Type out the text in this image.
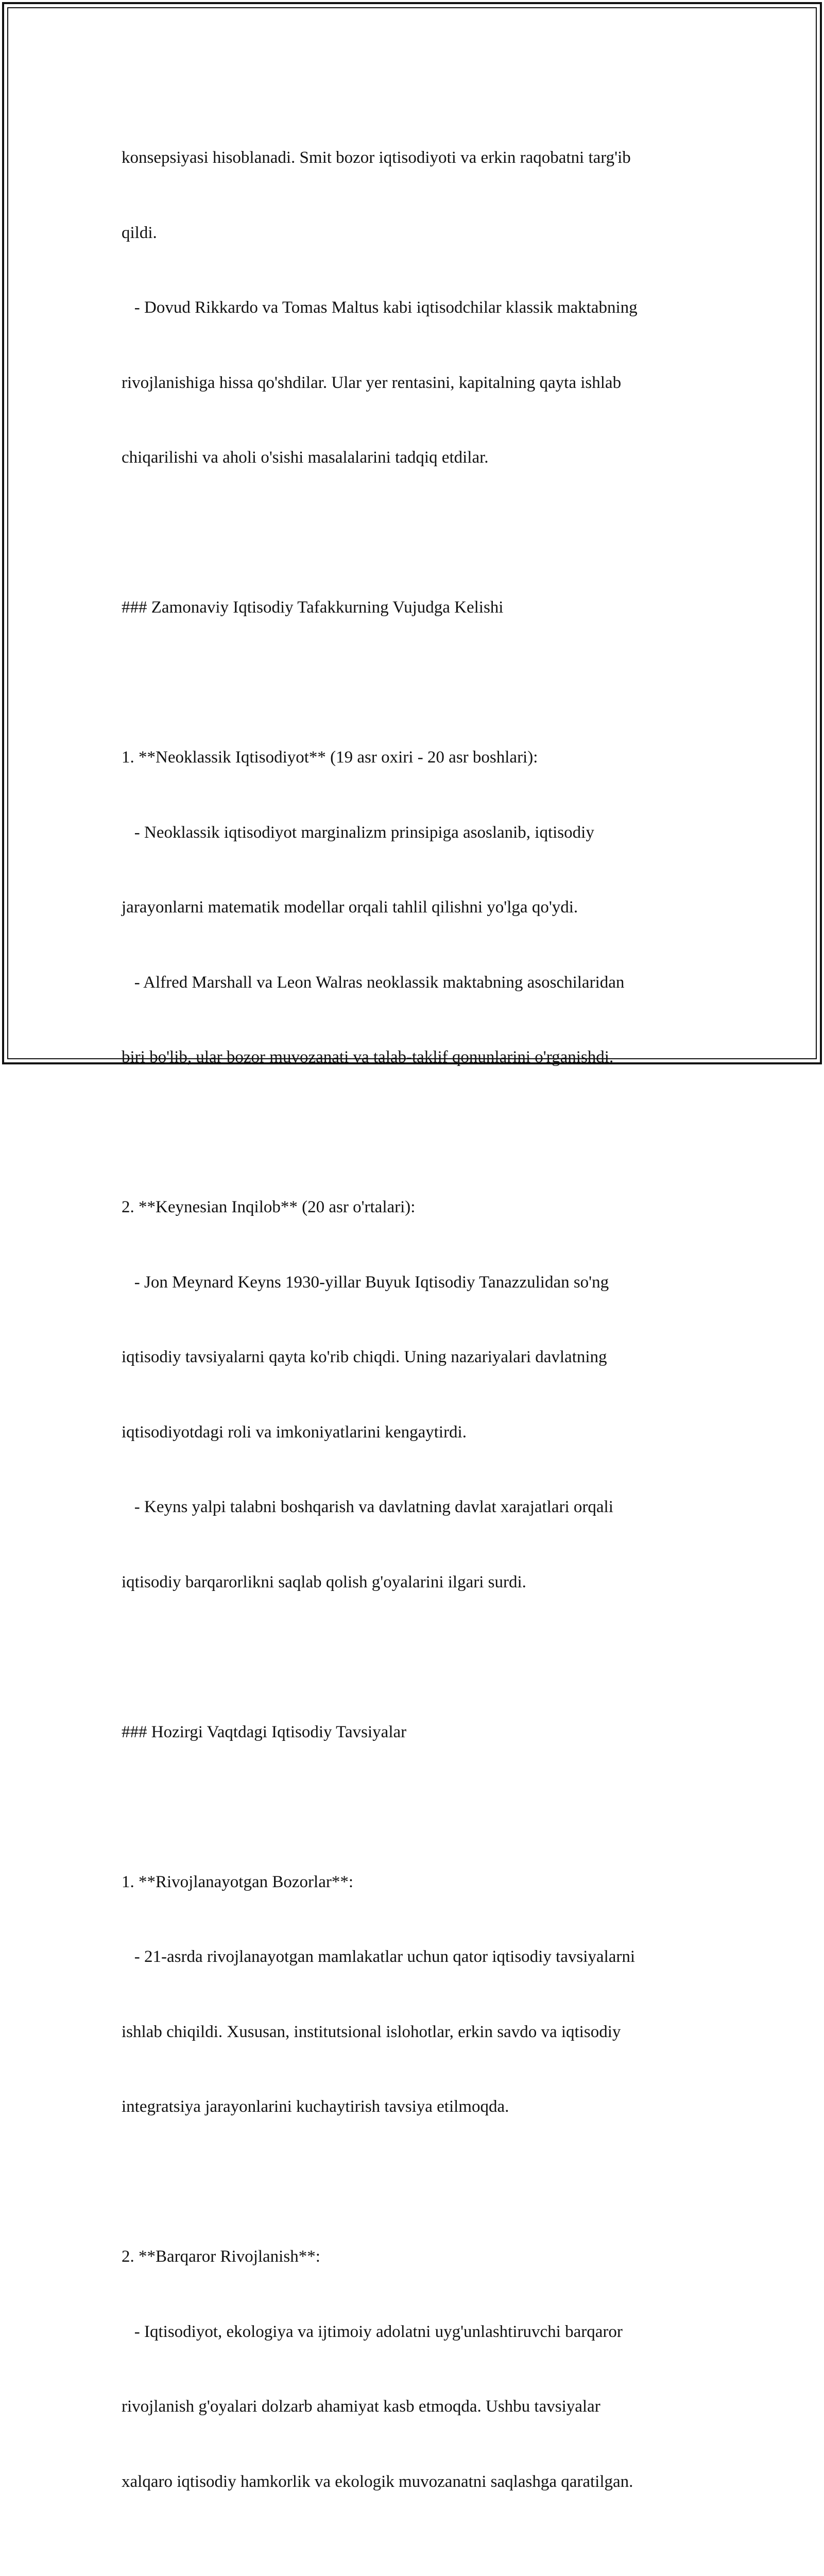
konsepsiyasi hisoblanadi. Smit bozor iqtisodiyoti va erkin raqobatni targ'ib

qildi.

- Dovud Rikkardo va Tomas Maltus kabi iqtisodchilar klassik maktabning

rivojlanishiga hissa qo'shdilar. Ular yer rentasini, kapitalning qayta ishlab

chiqarilishi va aholi o'sishi masalalarini tadqiq etdilar.

### Zamonaviy Iqtisodiy Tafakkurning Vujudga Kelishi

1. **Neoklassik Iqtisodiyot** (19 asr oxiri - 20 asr boshlari):

- Neoklassik iqtisodiyot marginalizm prinsipiga asoslanib, iqtisodiy

jarayonlarni matematik modellar orqali tahlil qilishni yo'lga qo'ydi.

- Alfred Marshall va Leon Walras neoklassik maktabning asoschilaridan

biri bo'lib, ular bozor muvozanati va talab-taklif qonunlarini o'rganishdi.

2. **Keynesian Inqilob** (20 asr o'rtalari):

- Jon Meynard Keyns 1930-yillar Buyuk Iqtisodiy Tanazzulidan so'ng

iqtisodiy tavsiyalarni qayta ko'rib chiqdi. Uning nazariyalari davlatning

iqtisodiyotdagi roli va imkoniyatlarini kengaytirdi.

- Keyns yalpi talabni boshqarish va davlatning davlat xarajatlari orqali

iqtisodiy barqarorlikni saqlab qolish g'oyalarini ilgari surdi.

### Hozirgi Vaqtdagi Iqtisodiy Tavsiyalar

1. **Rivojlanayotgan Bozorlar**:

- 21-asrda rivojlanayotgan mamlakatlar uchun qator iqtisodiy tavsiyalarni

ishlab chiqildi. Xususan, institutsional islohotlar, erkin savdo va iqtisodiy

integratsiya jarayonlarini kuchaytirish tavsiya etilmoqda.

2. **Barqaror Rivojlanish**:

- Iqtisodiyot, ekologiya va ijtimoiy adolatni uyg'unlashtiruvchi barqaror

rivojlanish g'oyalari dolzarb ahamiyat kasb etmoqda. Ushbu tavsiyalar

xalqaro iqtisodiy hamkorlik va ekologik muvozanatni saqlashga qaratilgan.
